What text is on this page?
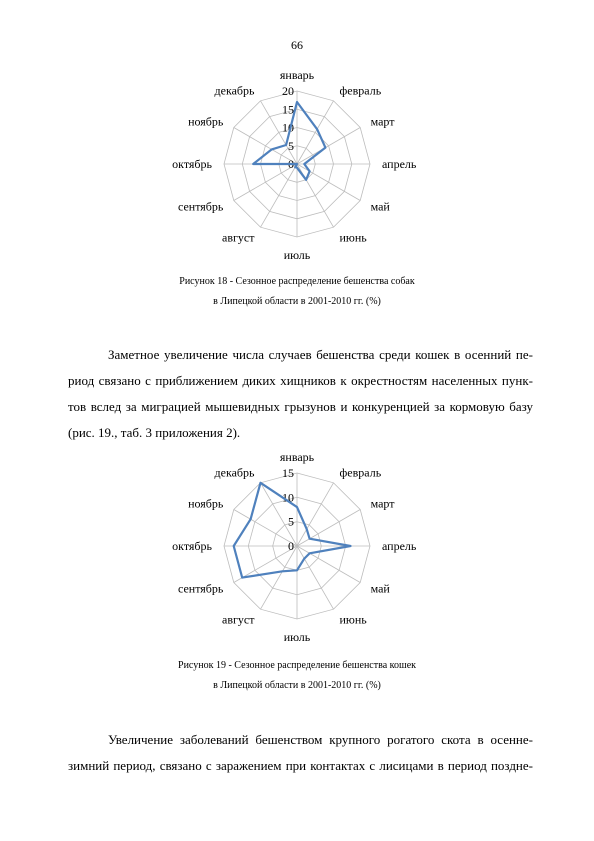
66
0
5
10
15
20
январь
февраль
март
апрель
май
июнь
июль
август
сентябрь
октябрь
ноябрь
декабрь
Рисунок 18 - Сезонное распределение бешенства собак
в Липецкой области в 2001-2010 гг. (%)
Заметное увеличение числа случаев бешенства среди кошек в осенний пе-
риод связано с приближением диких хищников к окрестностям населенных пунк-
тов вслед за миграцией мышевидных грызунов и конкуренцией за кормовую базу
(рис. 19., таб. 3 приложения 2).
0
5
10
15
январь
февраль
март
апрель
май
июнь
июль
август
сентябрь
октябрь
ноябрь
декабрь
Рисунок 19 - Сезонное распределение бешенства кошек
в Липецкой области в 2001-2010 гг. (%)
Увеличение заболеваний бешенством крупного рогатого скота в осенне-
зимний период, связано с заражением при контактах с лисицами в период поздне-
